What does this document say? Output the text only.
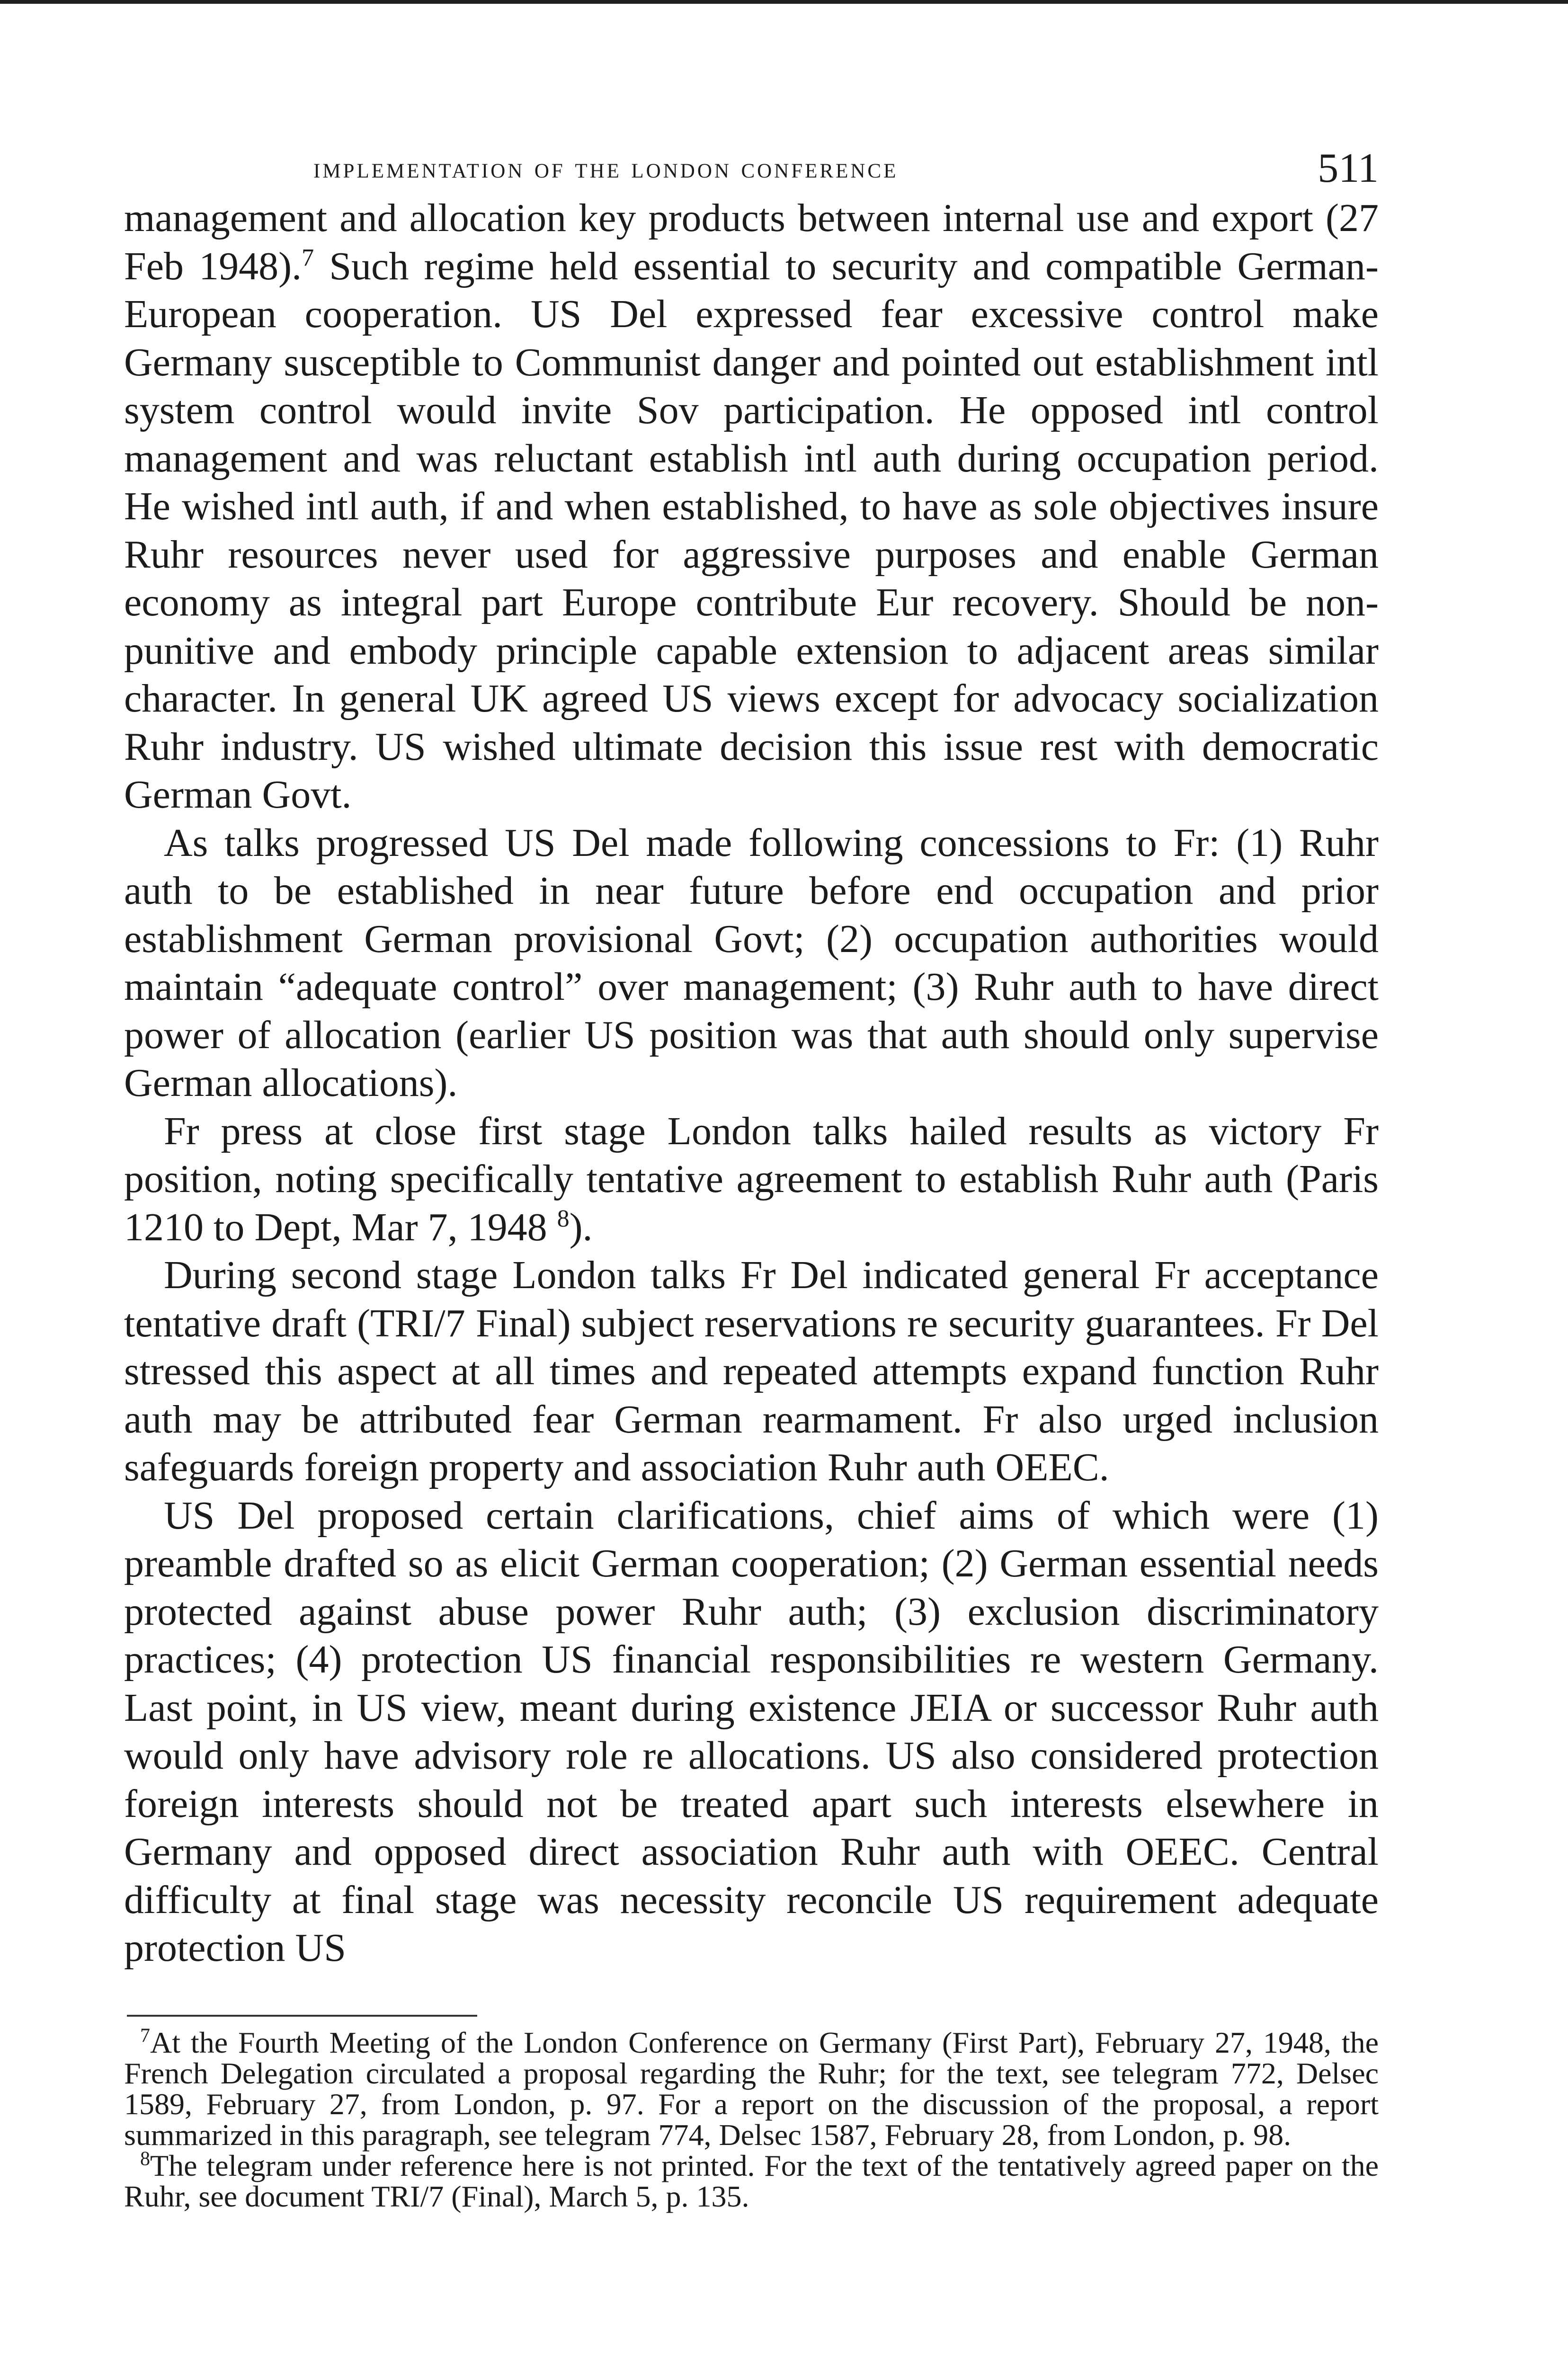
implementation of the london conference	511

management and allocation key products between internal use and export (27 Feb 1948).$^7$ Such regime held essential to security and compatible German-European cooperation. US Del expressed fear excessive control make Germany susceptible to Communist danger and pointed out establishment intl system control would invite Sov participation. He opposed intl control management and was reluctant establish intl auth during occupation period. He wished intl auth, if and when established, to have as sole objectives insure Ruhr resources never used for aggressive purposes and enable German economy as integral part Europe contribute Eur recovery. Should be non-punitive and embody principle capable extension to adjacent areas similar character. In general UK agreed US views except for advocacy socialization Ruhr industry. US wished ultimate decision this issue rest with democratic German Govt.

As talks progressed US Del made following concessions to Fr: (1) Ruhr auth to be established in near future before end occupation and prior establishment German provisional Govt; (2) occupation authorities would maintain “adequate control” over management; (3) Ruhr auth to have direct power of allocation (earlier US position was that auth should only supervise German allocations).

Fr press at close first stage London talks hailed results as victory Fr position, noting specifically tentative agreement to establish Ruhr auth (Paris 1210 to Dept, Mar 7, 1948 $^8$).

During second stage London talks Fr Del indicated general Fr acceptance tentative draft (TRI/7 Final) subject reservations re security guarantees. Fr Del stressed this aspect at all times and repeated attempts expand function Ruhr auth may be attributed fear German rearmament. Fr also urged inclusion safeguards foreign property and association Ruhr auth OEEC.

US Del proposed certain clarifications, chief aims of which were (1) preamble drafted so as elicit German cooperation; (2) German essential needs protected against abuse power Ruhr auth; (3) exclusion discriminatory practices; (4) protection US financial responsibilities re western Germany. Last point, in US view, meant during existence JEIA or successor Ruhr auth would only have advisory role re allocations. US also considered protection foreign interests should not be treated apart such interests elsewhere in Germany and opposed direct association Ruhr auth with OEEC. Central difficulty at final stage was necessity reconcile US requirement adequate protection US

$^7$At the Fourth Meeting of the London Conference on Germany (First Part), February 27, 1948, the French Delegation circulated a proposal regarding the Ruhr; for the text, see telegram 772, Delsec 1589, February 27, from London, p. 97. For a report on the discussion of the proposal, a report summarized in this paragraph, see telegram 774, Delsec 1587, February 28, from London, p. 98.

$^8$The telegram under reference here is not printed. For the text of the tentatively agreed paper on the Ruhr, see document TRI/7 (Final), March 5, p. 135.
